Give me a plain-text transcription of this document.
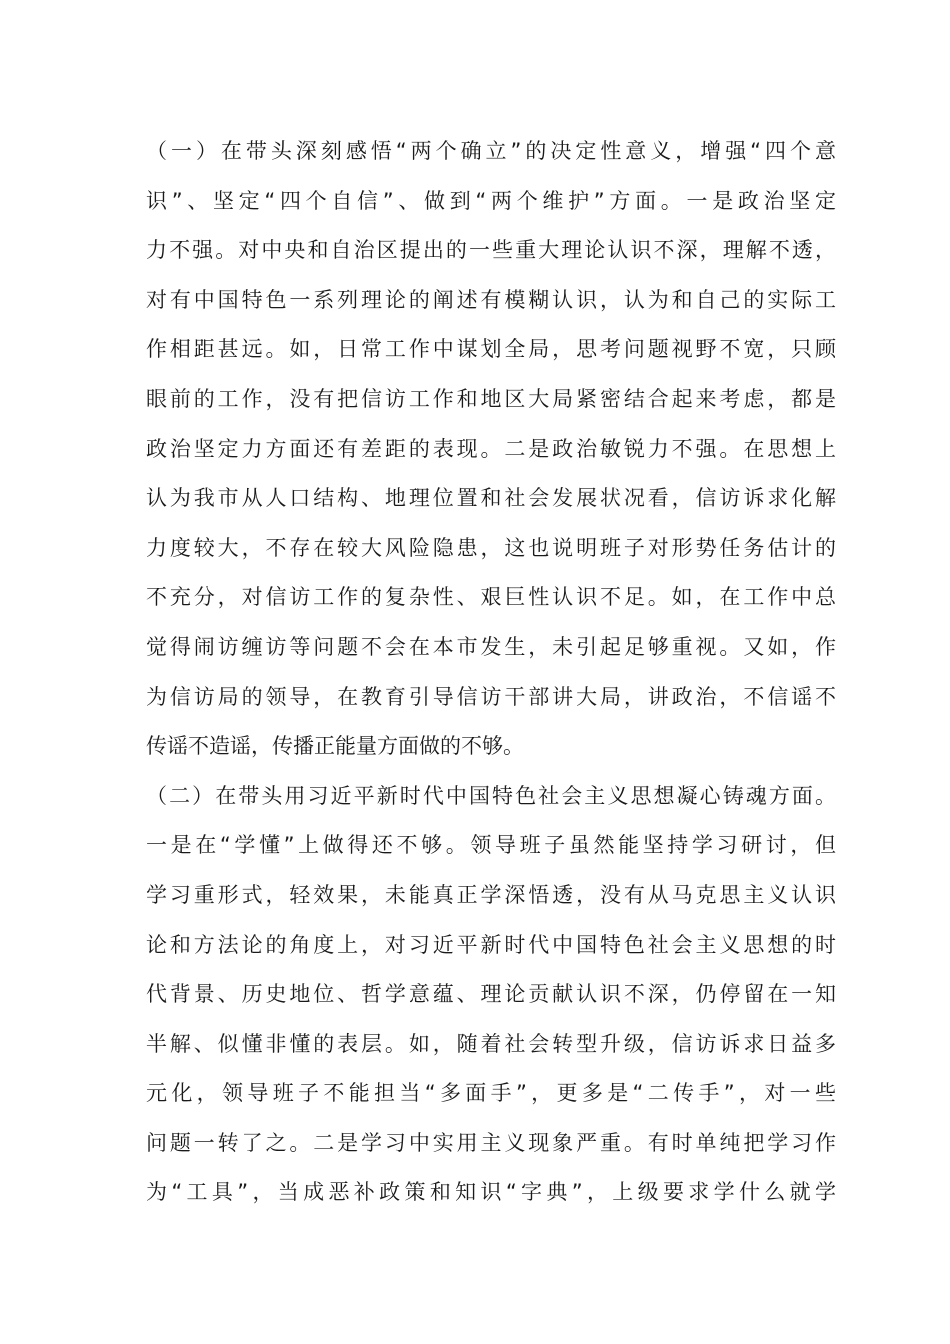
（一）在带头深刻感悟“两个确立”的决定性意义，增强“四个意
识”、坚定“四个自信”、做到“两个维护”方面。一是政治坚定
力不强。对中央和自治区提出的一些重大理论认识不深，理解不透，
对有中国特色一系列理论的阐述有模糊认识，认为和自己的实际工
作相距甚远。如，日常工作中谋划全局，思考问题视野不宽，只顾
眼前的工作，没有把信访工作和地区大局紧密结合起来考虑，都是
政治坚定力方面还有差距的表现。二是政治敏锐力不强。在思想上
认为我市从人口结构、地理位置和社会发展状况看，信访诉求化解
力度较大，不存在较大风险隐患，这也说明班子对形势任务估计的
不充分，对信访工作的复杂性、艰巨性认识不足。如，在工作中总
觉得闹访缠访等问题不会在本市发生，未引起足够重视。又如，作
为信访局的领导，在教育引导信访干部讲大局，讲政治，不信谣不
传谣不造谣，传播正能量方面做的不够。
（二）在带头用习近平新时代中国特色社会主义思想凝心铸魂方面。
一是在“学懂”上做得还不够。领导班子虽然能坚持学习研讨，但
学习重形式，轻效果，未能真正学深悟透，没有从马克思主义认识
论和方法论的角度上，对习近平新时代中国特色社会主义思想的时
代背景、历史地位、哲学意蕴、理论贡献认识不深，仍停留在一知
半解、似懂非懂的表层。如，随着社会转型升级，信访诉求日益多
元化，领导班子不能担当“多面手”，更多是“二传手”，对一些
问题一转了之。二是学习中实用主义现象严重。有时单纯把学习作
为“工具”，当成恶补政策和知识“字典”，上级要求学什么就学
